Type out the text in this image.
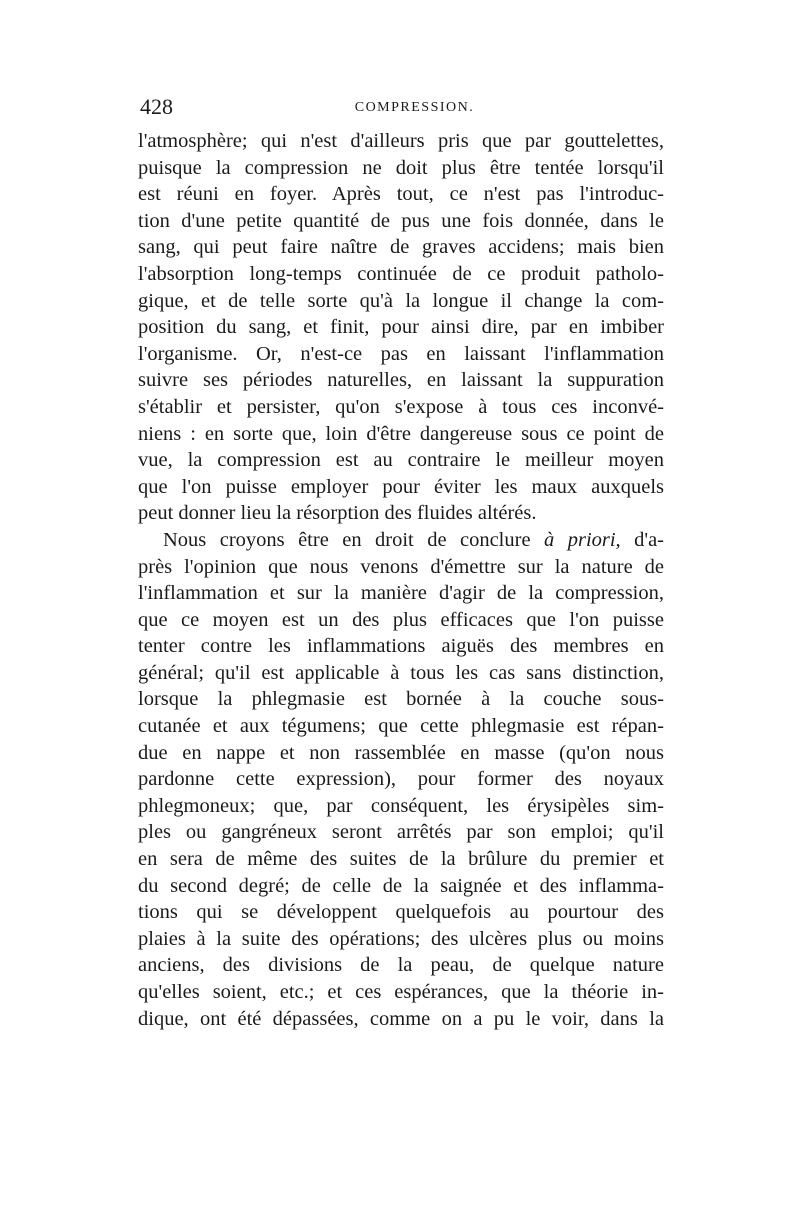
428	COMPRESSION.
l'atmosphère; qui n'est d'ailleurs pris que par gouttelettes,
puisque la compression ne doit plus être tentée lorsqu'il
est réuni en foyer. Après tout, ce n'est pas l'introduc-
tion d'une petite quantité de pus une fois donnée, dans le
sang, qui peut faire naître de graves accidens; mais bien
l'absorption long-temps continuée de ce produit patholo-
gique, et de telle sorte qu'à la longue il change la com-
position du sang, et finit, pour ainsi dire, par en imbiber
l'organisme. Or, n'est-ce pas en laissant l'inflammation
suivre ses périodes naturelles, en laissant la suppuration
s'établir et persister, qu'on s'expose à tous ces inconvé-
niens : en sorte que, loin d'être dangereuse sous ce point de
vue, la compression est au contraire le meilleur moyen
que l'on puisse employer pour éviter les maux auxquels
peut donner lieu la résorption des fluides altérés.
Nous croyons être en droit de conclure à priori, d'a-
près l'opinion que nous venons d'émettre sur la nature de
l'inflammation et sur la manière d'agir de la compression,
que ce moyen est un des plus efficaces que l'on puisse
tenter contre les inflammations aiguës des membres en
général; qu'il est applicable à tous les cas sans distinction,
lorsque la phlegmasie est bornée à la couche sous-
cutanée et aux tégumens; que cette phlegmasie est répan-
due en nappe et non rassemblée en masse (qu'on nous
pardonne cette expression), pour former des noyaux
phlegmoneux; que, par conséquent, les érysipèles sim-
ples ou gangréneux seront arrêtés par son emploi; qu'il
en sera de même des suites de la brûlure du premier et
du second degré; de celle de la saignée et des inflamma-
tions qui se développent quelquefois au pourtour des
plaies à la suite des opérations; des ulcères plus ou moins
anciens, des divisions de la peau, de quelque nature
qu'elles soient, etc.; et ces espérances, que la théorie in-
dique, ont été dépassées, comme on a pu le voir, dans la
